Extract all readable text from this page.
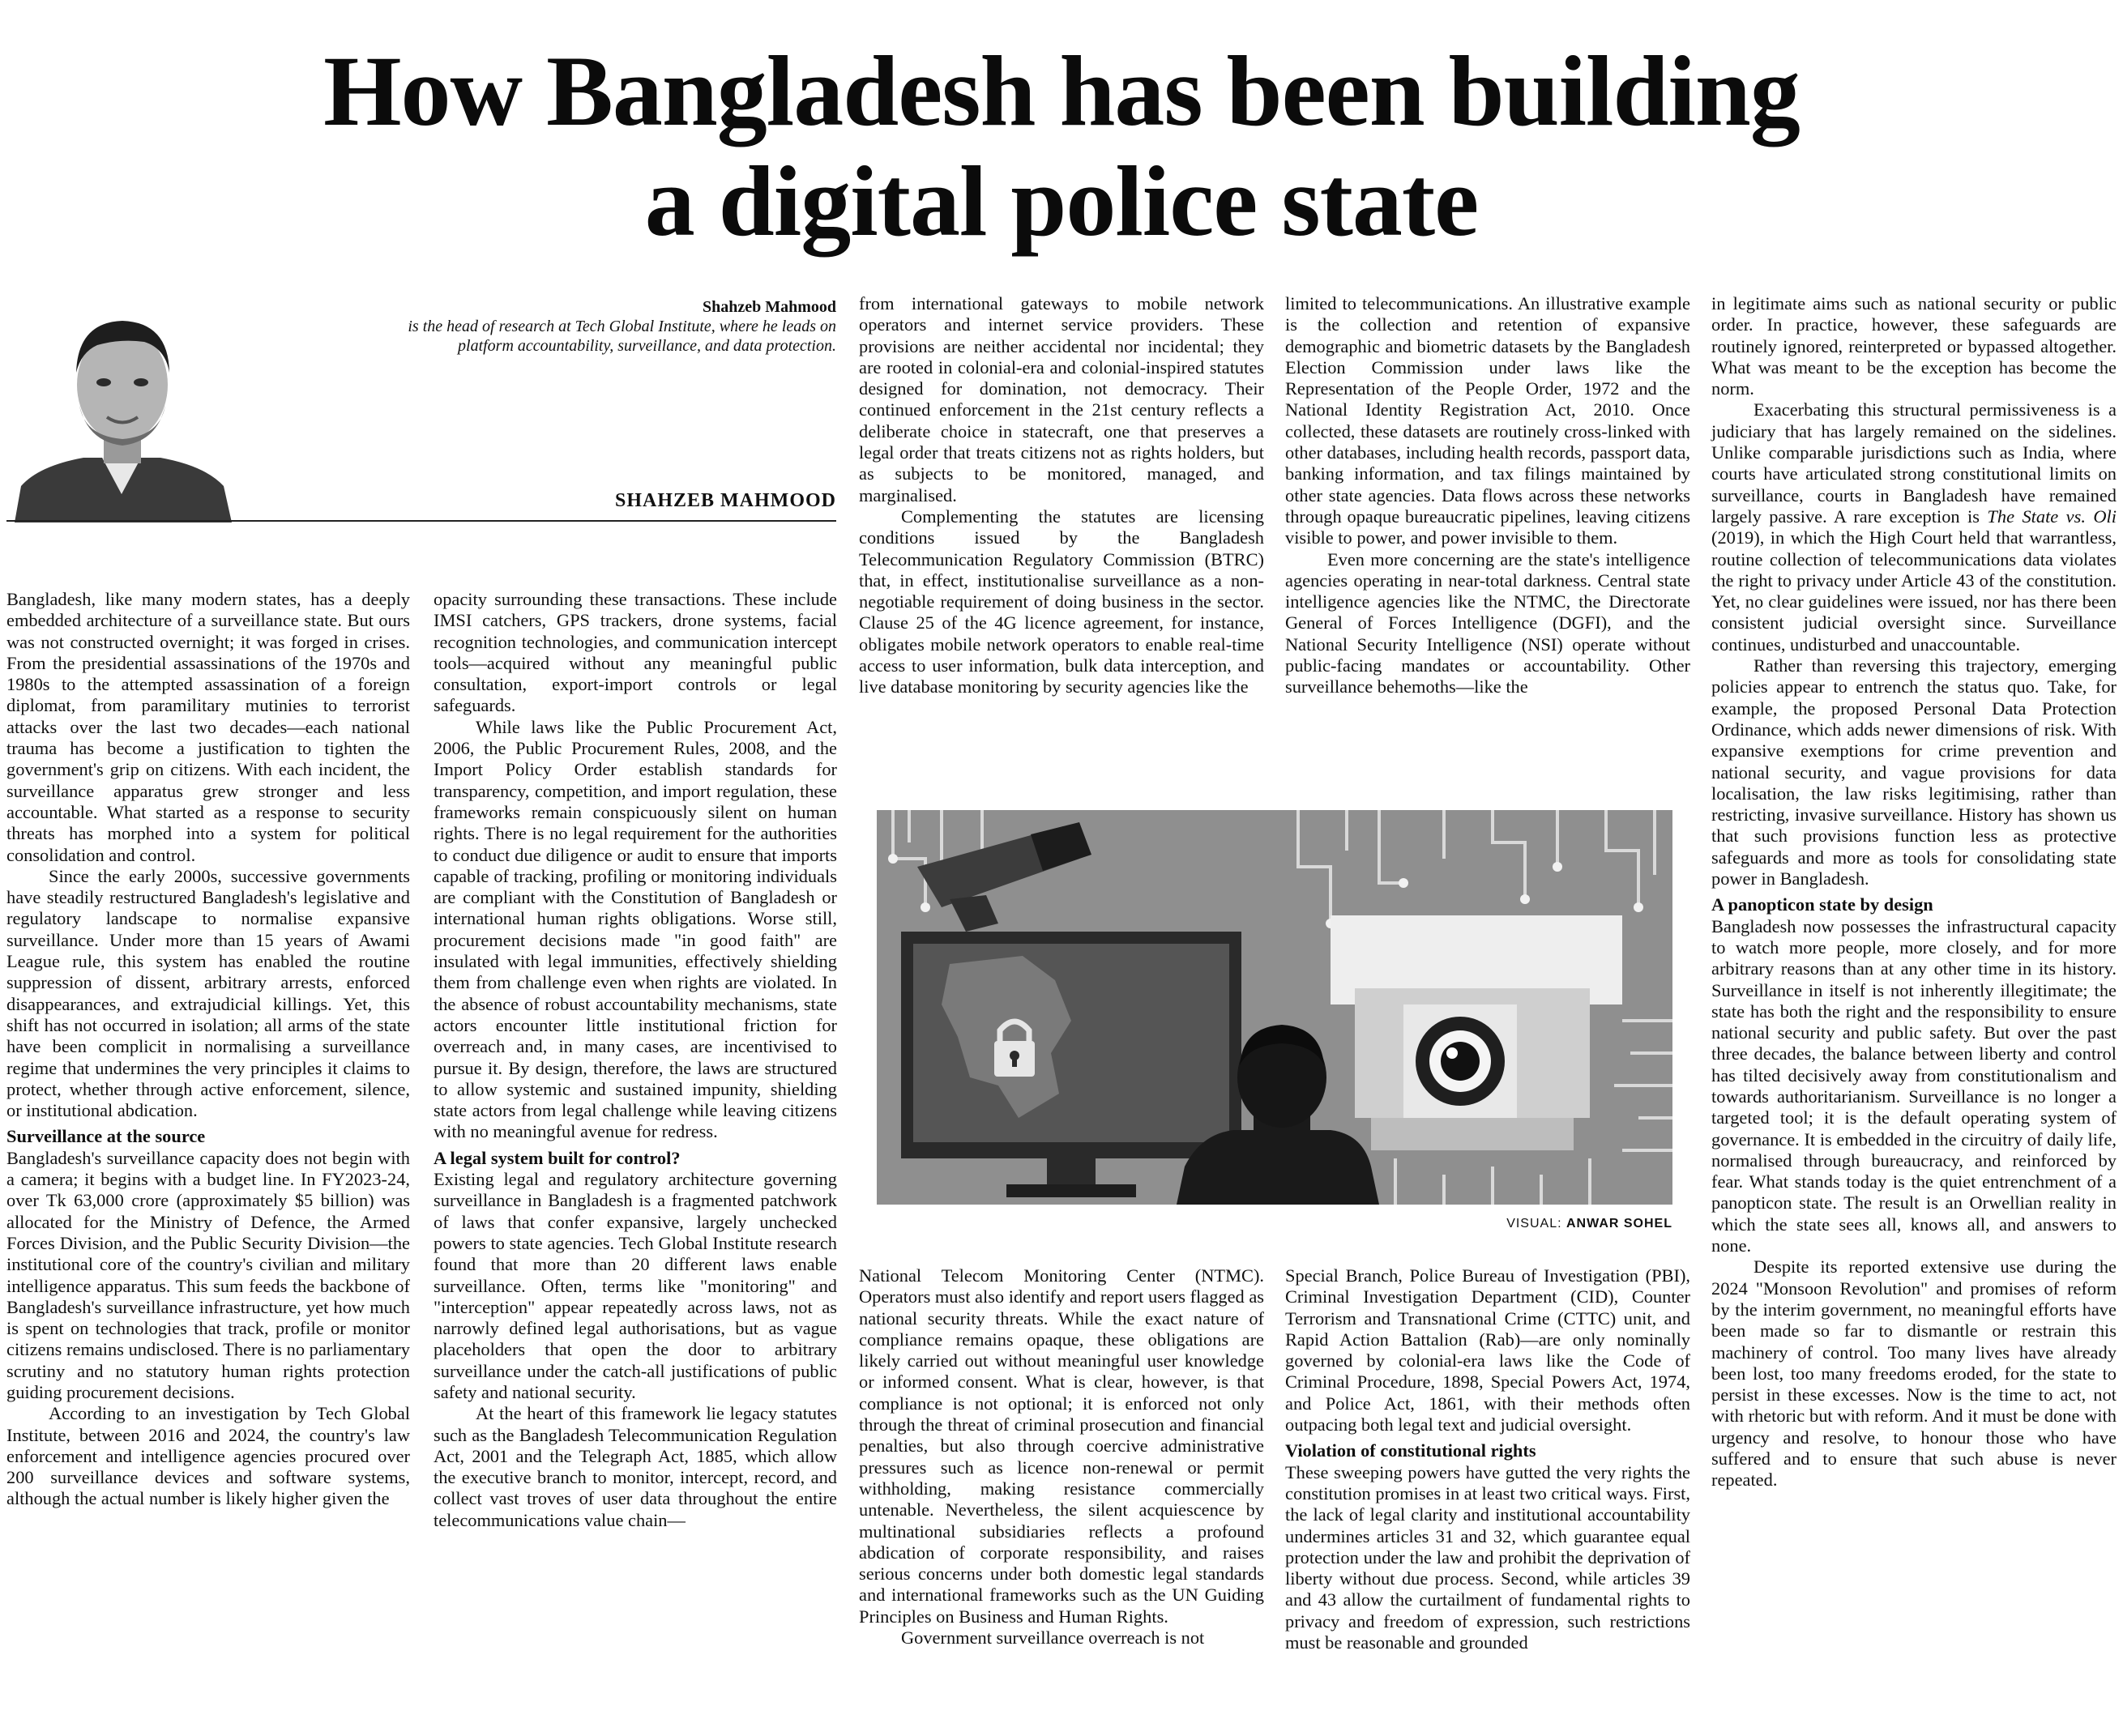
How Bangladesh has been building
a digital police state
Shahzeb Mahmood
is the head of research at Tech Global Institute, where he leads on
platform accountability, surveillance, and data protection.
SHAHZEB MAHMOOD

Bangladesh, like many modern states, has a deeply embedded architecture of a surveillance state. But ours was not constructed overnight; it was forged in crises. From the presidential assassinations of the 1970s and 1980s to the attempted assassination of a foreign diplomat, from paramilitary mutinies to terrorist attacks over the last two decades—each national trauma has become a justification to tighten the government's grip on citizens. With each incident, the surveillance apparatus grew stronger and less accountable. What started as a response to security threats has morphed into a system for political consolidation and control.

Since the early 2000s, successive governments have steadily restructured Bangladesh's legislative and regulatory landscape to normalise expansive surveillance. Under more than 15 years of Awami League rule, this system has enabled the routine suppression of dissent, arbitrary arrests, enforced disappearances, and extrajudicial killings. Yet, this shift has not occurred in isolation; all arms of the state have been complicit in normalising a surveillance regime that undermines the very principles it claims to protect, whether through active enforcement, silence, or institutional abdication.

Surveillance at the source

Bangladesh's surveillance capacity does not begin with a camera; it begins with a budget line. In FY2023-24, over Tk 63,000 crore (approximately $5 billion) was allocated for the Ministry of Defence, the Armed Forces Division, and the Public Security Division—the institutional core of the country's civilian and military intelligence apparatus. This sum feeds the backbone of Bangladesh's surveillance infrastructure, yet how much is spent on technologies that track, profile or monitor citizens remains undisclosed. There is no parliamentary scrutiny and no statutory human rights protection guiding procurement decisions.

According to an investigation by Tech Global Institute, between 2016 and 2024, the country's law enforcement and intelligence agencies procured over 200 surveillance devices and software systems, although the actual number is likely higher given the

opacity surrounding these transactions. These include IMSI catchers, GPS trackers, drone systems, facial recognition technologies, and communication intercept tools—acquired without any meaningful public consultation, export-import controls or legal safeguards.

While laws like the Public Procurement Act, 2006, the Public Procurement Rules, 2008, and the Import Policy Order establish standards for transparency, competition, and import regulation, these frameworks remain conspicuously silent on human rights. There is no legal requirement for the authorities to conduct due diligence or audit to ensure that imports capable of tracking, profiling or monitoring individuals are compliant with the Constitution of Bangladesh or international human rights obligations. Worse still, procurement decisions made "in good faith" are insulated with legal immunities, effectively shielding them from challenge even when rights are violated. In the absence of robust accountability mechanisms, state actors encounter little institutional friction for overreach and, in many cases, are incentivised to pursue it. By design, therefore, the laws are structured to allow systemic and sustained impunity, shielding state actors from legal challenge while leaving citizens with no meaningful avenue for redress.

A legal system built for control?

Existing legal and regulatory architecture governing surveillance in Bangladesh is a fragmented patchwork of laws that confer expansive, largely unchecked powers to state agencies. Tech Global Institute research found that more than 20 different laws enable surveillance. Often, terms like "monitoring" and "interception" appear repeatedly across laws, not as narrowly defined legal authorisations, but as vague placeholders that open the door to arbitrary surveillance under the catch-all justifications of public safety and national security.

At the heart of this framework lie legacy statutes such as the Bangladesh Telecommunication Regulation Act, 2001 and the Telegraph Act, 1885, which allow the executive branch to monitor, intercept, record, and collect vast troves of user data throughout the entire telecommunications value chain—

from international gateways to mobile network operators and internet service providers. These provisions are neither accidental nor incidental; they are rooted in colonial-era and colonial-inspired statutes designed for domination, not democracy. Their continued enforcement in the 21st century reflects a deliberate choice in statecraft, one that preserves a legal order that treats citizens not as rights holders, but as subjects to be monitored, managed, and marginalised.

Complementing the statutes are licensing conditions issued by the Bangladesh Telecommunication Regulatory Commission (BTRC) that, in effect, institutionalise surveillance as a non-negotiable requirement of doing business in the sector. Clause 25 of the 4G licence agreement, for instance, obligates mobile network operators to enable real-time access to user information, bulk data interception, and live database monitoring by security agencies like the

limited to telecommunications. An illustrative example is the collection and retention of expansive demographic and biometric datasets by the Bangladesh Election Commission under laws like the Representation of the People Order, 1972 and the National Identity Registration Act, 2010. Once collected, these datasets are routinely cross-linked with other databases, including health records, passport data, banking information, and tax filings maintained by other state agencies. Data flows across these networks through opaque bureaucratic pipelines, leaving citizens visible to power, and power invisible to them.

Even more concerning are the state's intelligence agencies operating in near-total darkness. Central state intelligence agencies like the NTMC, the Directorate General of Forces Intelligence (DGFI), and the National Security Intelligence (NSI) operate without public-facing mandates or accountability. Other surveillance behemoths—like the

VISUAL: ANWAR SOHEL

National Telecom Monitoring Center (NTMC). Operators must also identify and report users flagged as national security threats. While the exact nature of compliance remains opaque, these obligations are likely carried out without meaningful user knowledge or informed consent. What is clear, however, is that compliance is not optional; it is enforced not only through the threat of criminal prosecution and financial penalties, but also through coercive administrative pressures such as licence non-renewal or permit withholding, making resistance commercially untenable. Nevertheless, the silent acquiescence by multinational subsidiaries reflects a profound abdication of corporate responsibility, and raises serious concerns under both domestic legal standards and international frameworks such as the UN Guiding Principles on Business and Human Rights.

Government surveillance overreach is not

Special Branch, Police Bureau of Investigation (PBI), Criminal Investigation Department (CID), Counter Terrorism and Transnational Crime (CTTC) unit, and Rapid Action Battalion (Rab)—are only nominally governed by colonial-era laws like the Code of Criminal Procedure, 1898, Special Powers Act, 1974, and Police Act, 1861, with their methods often outpacing both legal text and judicial oversight.

Violation of constitutional rights

These sweeping powers have gutted the very rights the constitution promises in at least two critical ways. First, the lack of legal clarity and institutional accountability undermines articles 31 and 32, which guarantee equal protection under the law and prohibit the deprivation of liberty without due process. Second, while articles 39 and 43 allow the curtailment of fundamental rights to privacy and freedom of expression, such restrictions must be reasonable and grounded

in legitimate aims such as national security or public order. In practice, however, these safeguards are routinely ignored, reinterpreted or bypassed altogether. What was meant to be the exception has become the norm.

Exacerbating this structural permissiveness is a judiciary that has largely remained on the sidelines. Unlike comparable jurisdictions such as India, where courts have articulated strong constitutional limits on surveillance, courts in Bangladesh have remained largely passive. A rare exception is The State vs. Oli (2019), in which the High Court held that warrantless, routine collection of telecommunications data violates the right to privacy under Article 43 of the constitution. Yet, no clear guidelines were issued, nor has there been consistent judicial oversight since. Surveillance continues, undisturbed and unaccountable.

Rather than reversing this trajectory, emerging policies appear to entrench the status quo. Take, for example, the proposed Personal Data Protection Ordinance, which adds newer dimensions of risk. With expansive exemptions for crime prevention and national security, and vague provisions for data localisation, the law risks legitimising, rather than restricting, invasive surveillance. History has shown us that such provisions function less as protective safeguards and more as tools for consolidating state power in Bangladesh.

A panopticon state by design

Bangladesh now possesses the infrastructural capacity to watch more people, more closely, and for more arbitrary reasons than at any other time in its history. Surveillance in itself is not inherently illegitimate; the state has both the right and the responsibility to ensure national security and public safety. But over the past three decades, the balance between liberty and control has tilted decisively away from constitutionalism and towards authoritarianism. Surveillance is no longer a targeted tool; it is the default operating system of governance. It is embedded in the circuitry of daily life, normalised through bureaucracy, and reinforced by fear. What stands today is the quiet entrenchment of a panopticon state. The result is an Orwellian reality in which the state sees all, knows all, and answers to none.

Despite its reported extensive use during the 2024 "Monsoon Revolution" and promises of reform by the interim government, no meaningful efforts have been made so far to dismantle or restrain this machinery of control. Too many lives have already been lost, too many freedoms eroded, for the state to persist in these excesses. Now is the time to act, not with rhetoric but with reform. And it must be done with urgency and resolve, to honour those who have suffered and to ensure that such abuse is never repeated.
